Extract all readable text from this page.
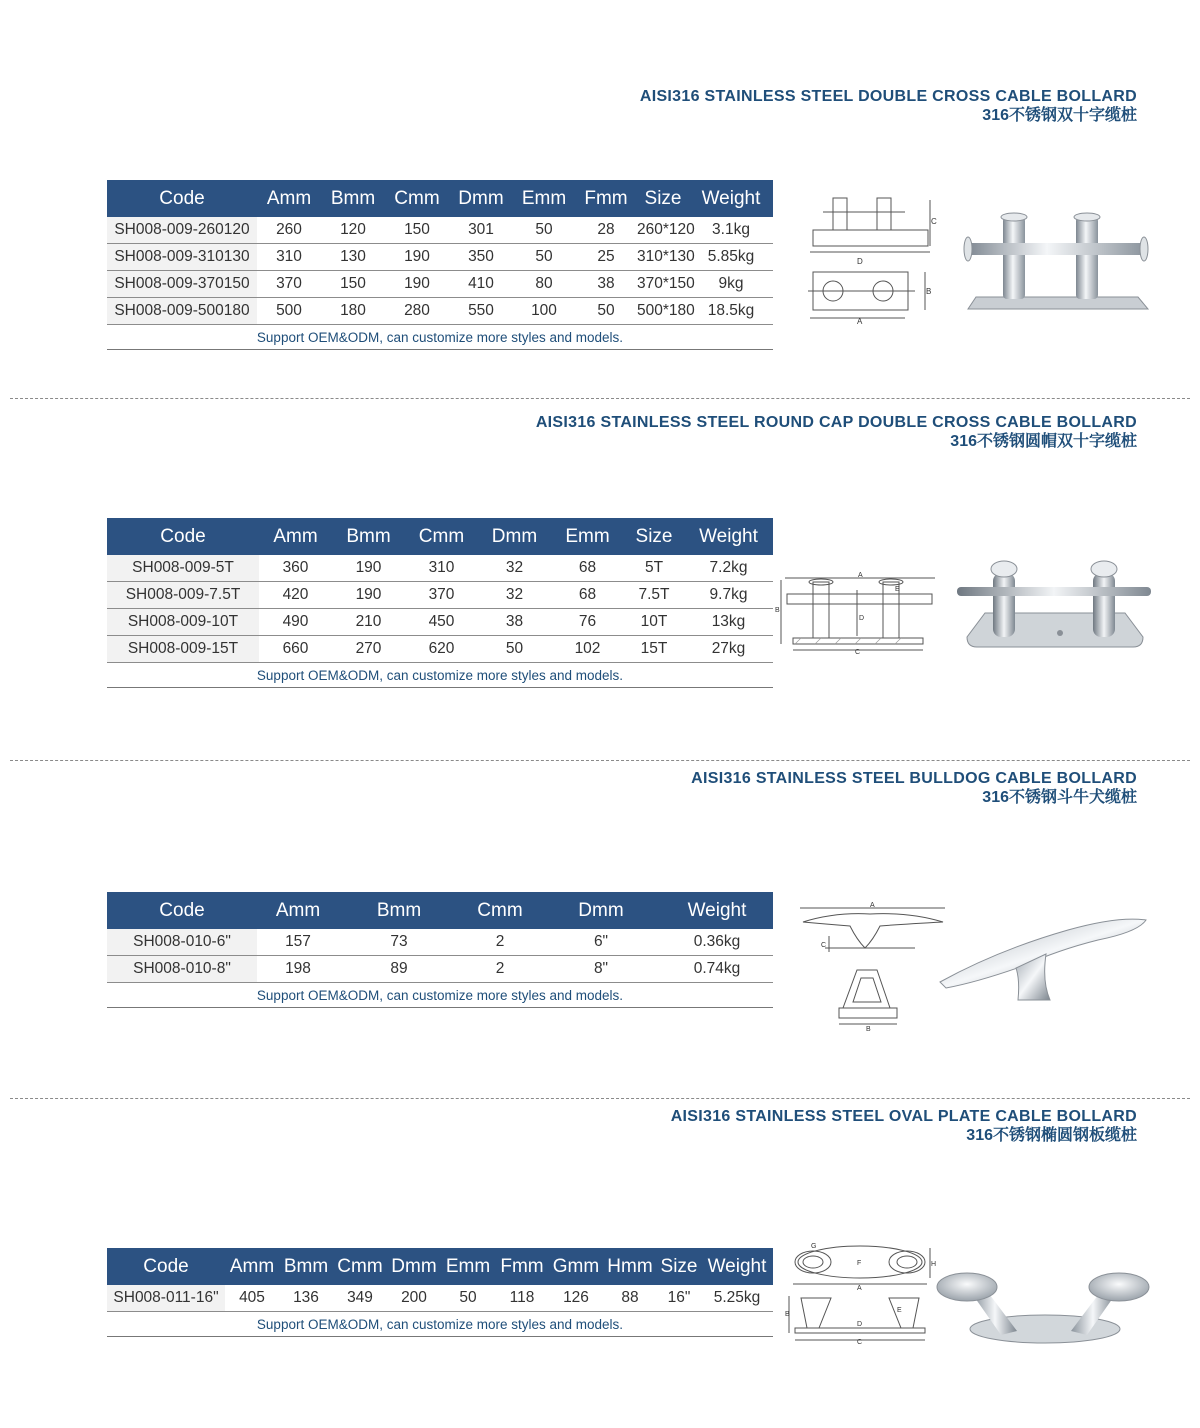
AISI316 STAINLESS STEEL DOUBLE CROSS CABLE BOLLARD
316不锈钢双十字缆桩
Code	Amm	Bmm	Cmm	Dmm	Emm	Fmm	Size	Weight
SH008-009-260120	260	120	150	301	50	28	260*120	3.1kg
SH008-009-310130	310	130	190	350	50	25	310*130	5.85kg
SH008-009-370150	370	150	190	410	80	38	370*150	9kg
SH008-009-500180	500	180	280	550	100	50	500*180	18.5kg
Support OEM&ODM, can customize more styles and models.								
C
D
B
A
AISI316 STAINLESS STEEL ROUND CAP DOUBLE CROSS CABLE BOLLARD
316不锈钢圆帽双十字缆桩
Code	Amm	Bmm	Cmm	Dmm	Emm	Size	Weight
SH008-009-5T	360	190	310	32	68	5T	7.2kg
SH008-009-7.5T	420	190	370	32	68	7.5T	9.7kg
SH008-009-10T	490	210	450	38	76	10T	13kg
SH008-009-15T	660	270	620	50	102	15T	27kg
Support OEM&ODM, can customize more styles and models.							
A
B
E
D
C
AISI316 STAINLESS STEEL BULLDOG CABLE BOLLARD
316不锈钢斗牛犬缆桩
Code	Amm	Bmm	Cmm	Dmm	Weight
SH008-010-6"	157	73	2	6"	0.36kg
SH008-010-8"	198	89	2	8"	0.74kg
Support OEM&ODM, can customize more styles and models.					
A
C
B
AISI316 STAINLESS STEEL OVAL PLATE CABLE BOLLARD
316不锈钢椭圆钢板缆桩
Code	Amm	Bmm	Cmm	Dmm	Emm	Fmm	Gmm	Hmm	Size	Weight
SH008-011-16"	405	136	349	200	50	118	126	88	16"	5.25kg
Support OEM&ODM, can customize more styles and models.										
G
F	H
A
B
E
D
C
